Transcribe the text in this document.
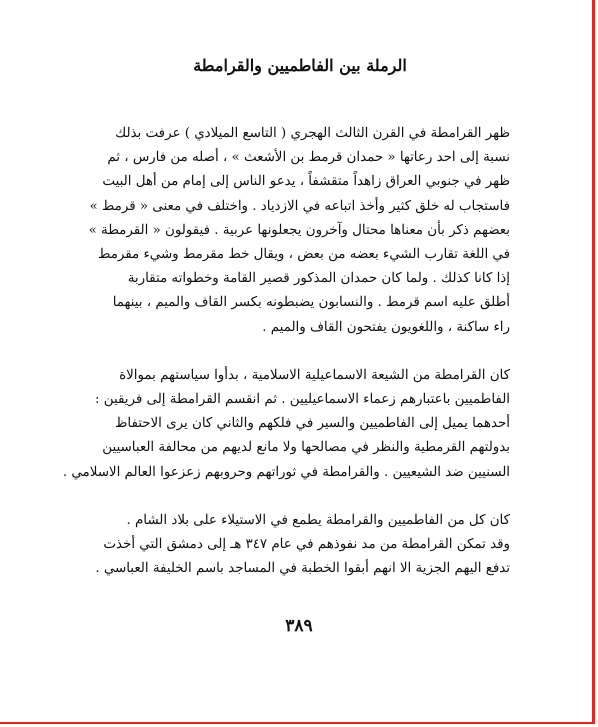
الرملة بين الفاطميين والقرامطة

ظهر القرامطة في القرن الثالث الهجري ( التاسع الميلادي ) عرفت بذلك
نسبة إلى احد رعاتها « حمدان قرمط بن الأشعث » ، أصله من فارس ، ثم
ظهر في جنوبي العراق زاهداً متقشفاً ، يدعو الناس إلى إمام من أهل البيت
فاستجاب له خلق كثير وأخذ اتباعه في الازدياد . واختلف في معنى « قرمط »
بعضهم ذكر بأن معناها محتال وآخرون يجعلونها عربية . فيقولون « القرمطة »
في اللغة تقارب الشيء بعضه من بعض ، ويقال خط مقرمط وشيء مقرمط
إذا كانا كذلك . ولما كان حمدان المذكور قصير القامة وخطواته متقاربة
أطلق عليه اسم قرمط . والنسابون يضبطونه بكسر القاف والميم ، بينهما
راء ساكنة ، واللغويون يفتحون القاف والميم .

كان القرامطة من الشيعة الاسماعيلية الاسلامية ، بدأوا سياستهم بموالاة
الفاطميين باعتبارهم زعماء الاسماعيليين . ثم انقسم القرامطة إلى فريقين :
أحدهما يميل إلى الفاطميين والسير في فلكهم والثاني كان يرى الاحتفاظ
بدولتهم القرمطية والنظر في مصالحها ولا مانع لديهم من محالفة العباسيين
السنيين ضد الشيعيين . والقرامطة في ثوراتهم وحروبهم زعزعوا العالم الاسلامي .

كان كل من الفاطميين والقرامطة يطمع في الاستيلاء على بلاد الشام .
وقد تمكن القرامطة من مد نفوذهم في عام ٣٤٧ هـ إلى دمشق التي أخذت
تدفع اليهم الجزية الا انهم أبقوا الخطبة في المساجد باسم الخليفة العباسي .

٣٨٩
